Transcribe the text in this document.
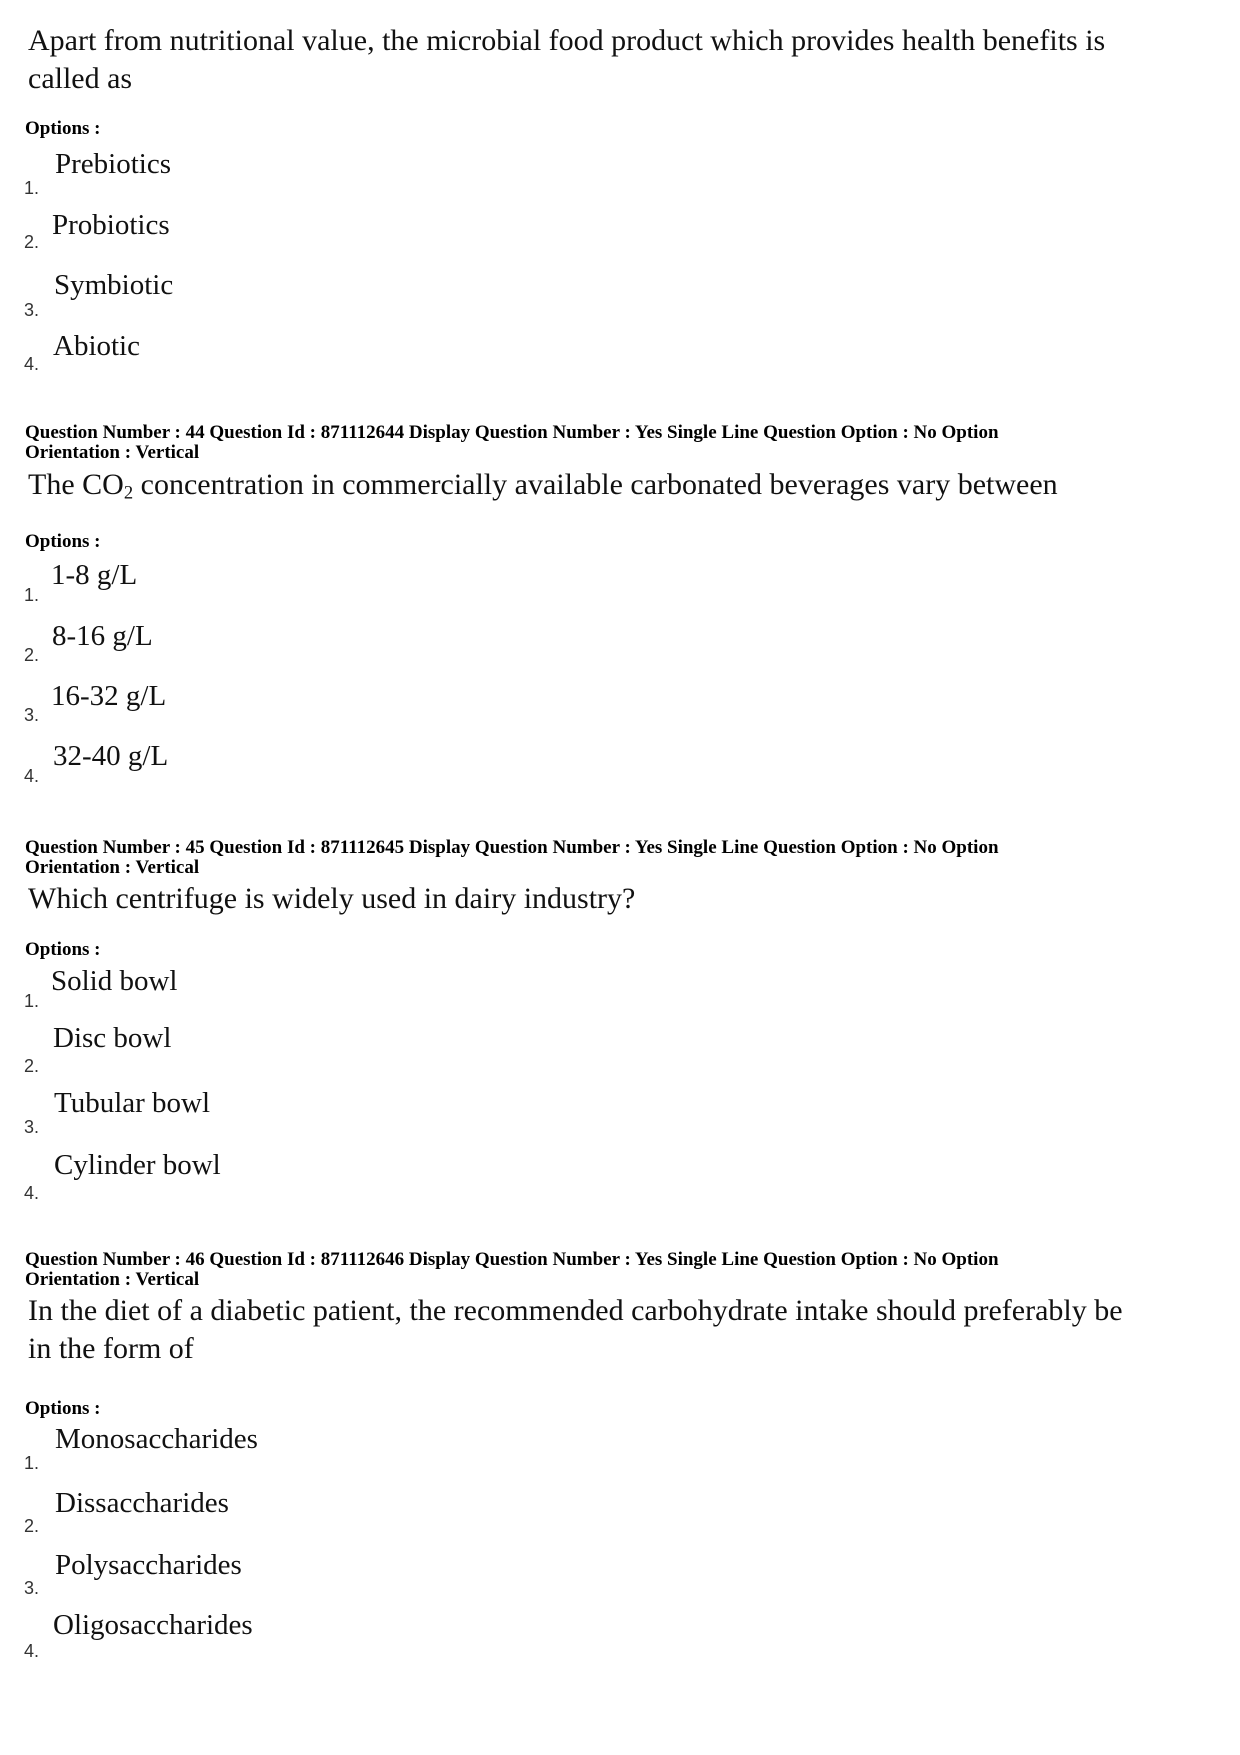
Apart from nutritional value, the microbial food product which provides health benefits is
called as
Options :
1.
Prebiotics
2.
Probiotics
3.
Symbiotic
4.
Abiotic
Question Number : 44 Question Id : 871112644 Display Question Number : Yes Single Line Question Option : No Option
Orientation : Vertical
The $CO_2$ concentration in commercially available carbonated beverages vary between
Options :
1.
1-8 g/L
2.
8-16 g/L
3.
16-32 g/L
4.
32-40 g/L
Question Number : 45 Question Id : 871112645 Display Question Number : Yes Single Line Question Option : No Option
Orientation : Vertical
Which centrifuge is widely used in dairy industry?
Options :
1.
Solid bowl
2.
Disc bowl
3.
Tubular bowl
4.
Cylinder bowl
Question Number : 46 Question Id : 871112646 Display Question Number : Yes Single Line Question Option : No Option
Orientation : Vertical
In the diet of a diabetic patient, the recommended carbohydrate intake should preferably be
in the form of
Options :
1.
Monosaccharides
2.
Dissaccharides
3.
Polysaccharides
4.
Oligosaccharides
